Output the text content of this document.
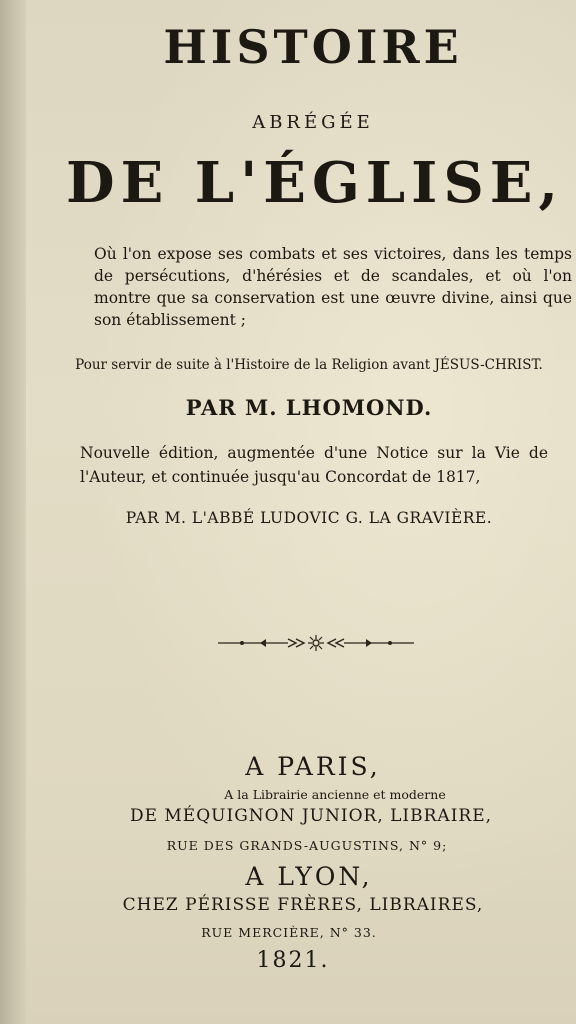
HISTOIRE

ABRÉGÉE

DE L'ÉGLISE,

Où l'on expose ses combats et ses victoires, dans les temps de persécutions, d'hérésies et de scandales, et où l'on montre que sa conservation est une œuvre divine, ainsi que son établissement ;

Pour servir de suite à l'Histoire de la Religion avant JÉSUS-CHRIST.

PAR M. LHOMOND.

Nouvelle édition, augmentée d'une Notice sur la Vie de l'Auteur, et continuée jusqu'au Concordat de 1817,

PAR M. L'ABBÉ LUDOVIC G. LA GRAVIÈRE.

A PARIS,

A la Librairie ancienne et moderne

DE MÉQUIGNON JUNIOR, LIBRAIRE,

RUE DES GRANDS-AUGUSTINS, N° 9;

A LYON,

CHEZ PÉRISSE FRÈRES, LIBRAIRES,

RUE MERCIÈRE, N° 33.

1821.
